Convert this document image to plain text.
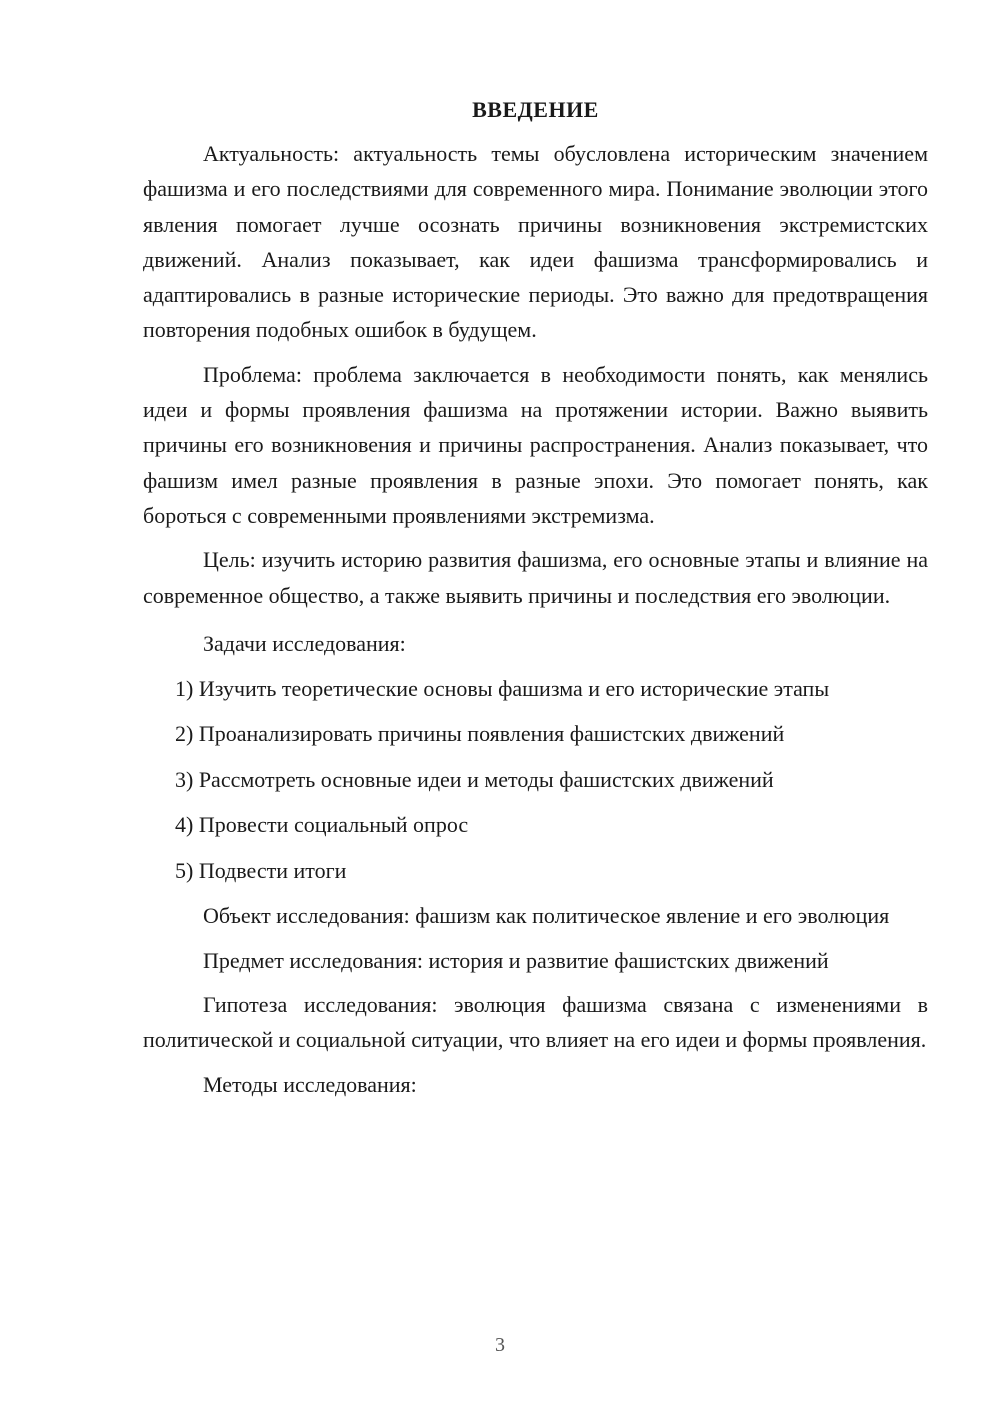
ВВЕДЕНИЕ

Актуальность: актуальность темы обусловлена историческим значением фашизма и его последствиями для современного мира. Понимание эволюции этого явления помогает лучше осознать причины возникновения экстремистских движений. Анализ показывает, как идеи фашизма трансформировались и адаптировались в разные исторические периоды. Это важно для предотвращения повторения подобных ошибок в будущем.

Проблема: проблема заключается в необходимости понять, как менялись идеи и формы проявления фашизма на протяжении истории. Важно выявить причины его возникновения и причины распространения. Анализ показывает, что фашизм имел разные проявления в разные эпохи. Это помогает понять, как бороться с современными проявлениями экстремизма.

Цель: изучить историю развития фашизма, его основные этапы и влияние на современное общество, а также выявить причины и последствия его эволюции.

Задачи исследования:

1) Изучить теоретические основы фашизма и его исторические этапы
2) Проанализировать причины появления фашистских движений
3) Рассмотреть основные идеи и методы фашистских движений
4) Провести социальный опрос
5) Подвести итоги

Объект исследования: фашизм как политическое явление и его эволюция

Предмет исследования: история и развитие фашистских движений

Гипотеза исследования: эволюция фашизма связана с изменениями в политической и социальной ситуации, что влияет на его идеи и формы проявления.

Методы исследования:

3
